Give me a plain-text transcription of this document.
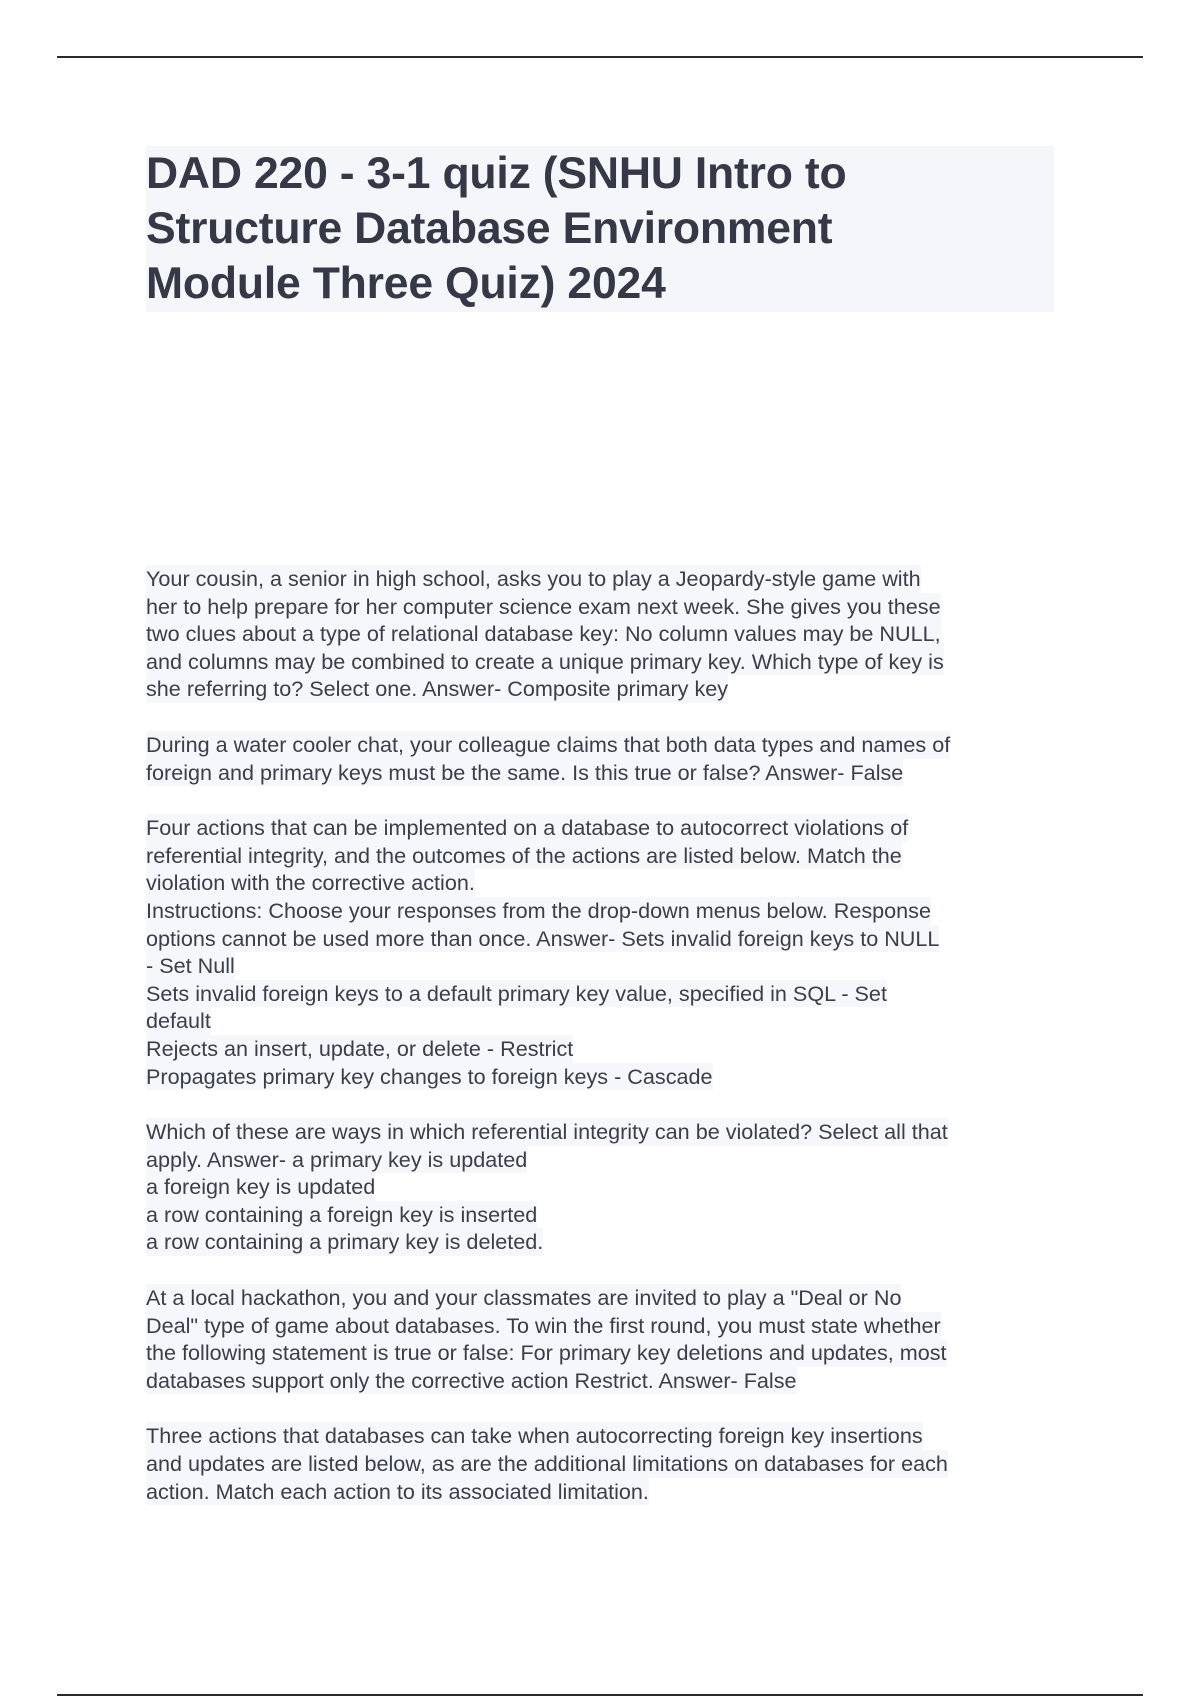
DAD 220 - 3-1 quiz (SNHU Intro to
Structure Database Environment
Module Three Quiz) 2024
Your cousin, a senior in high school, asks you to play a Jeopardy-style game with
her to help prepare for her computer science exam next week. She gives you these
two clues about a type of relational database key: No column values may be NULL,
and columns may be combined to create a unique primary key. Which type of key is
she referring to? Select one. Answer- Composite primary key
During a water cooler chat, your colleague claims that both data types and names of
foreign and primary keys must be the same. Is this true or false? Answer- False
Four actions that can be implemented on a database to autocorrect violations of
referential integrity, and the outcomes of the actions are listed below. Match the
violation with the corrective action.
Instructions: Choose your responses from the drop-down menus below. Response
options cannot be used more than once. Answer- Sets invalid foreign keys to NULL
- Set Null
Sets invalid foreign keys to a default primary key value, specified in SQL - Set
default
Rejects an insert, update, or delete - Restrict
Propagates primary key changes to foreign keys - Cascade
Which of these are ways in which referential integrity can be violated? Select all that
apply. Answer- a primary key is updated
a foreign key is updated
a row containing a foreign key is inserted
a row containing a primary key is deleted.
At a local hackathon, you and your classmates are invited to play a "Deal or No
Deal" type of game about databases. To win the first round, you must state whether
the following statement is true or false: For primary key deletions and updates, most
databases support only the corrective action Restrict. Answer- False
Three actions that databases can take when autocorrecting foreign key insertions
and updates are listed below, as are the additional limitations on databases for each
action. Match each action to its associated limitation.
